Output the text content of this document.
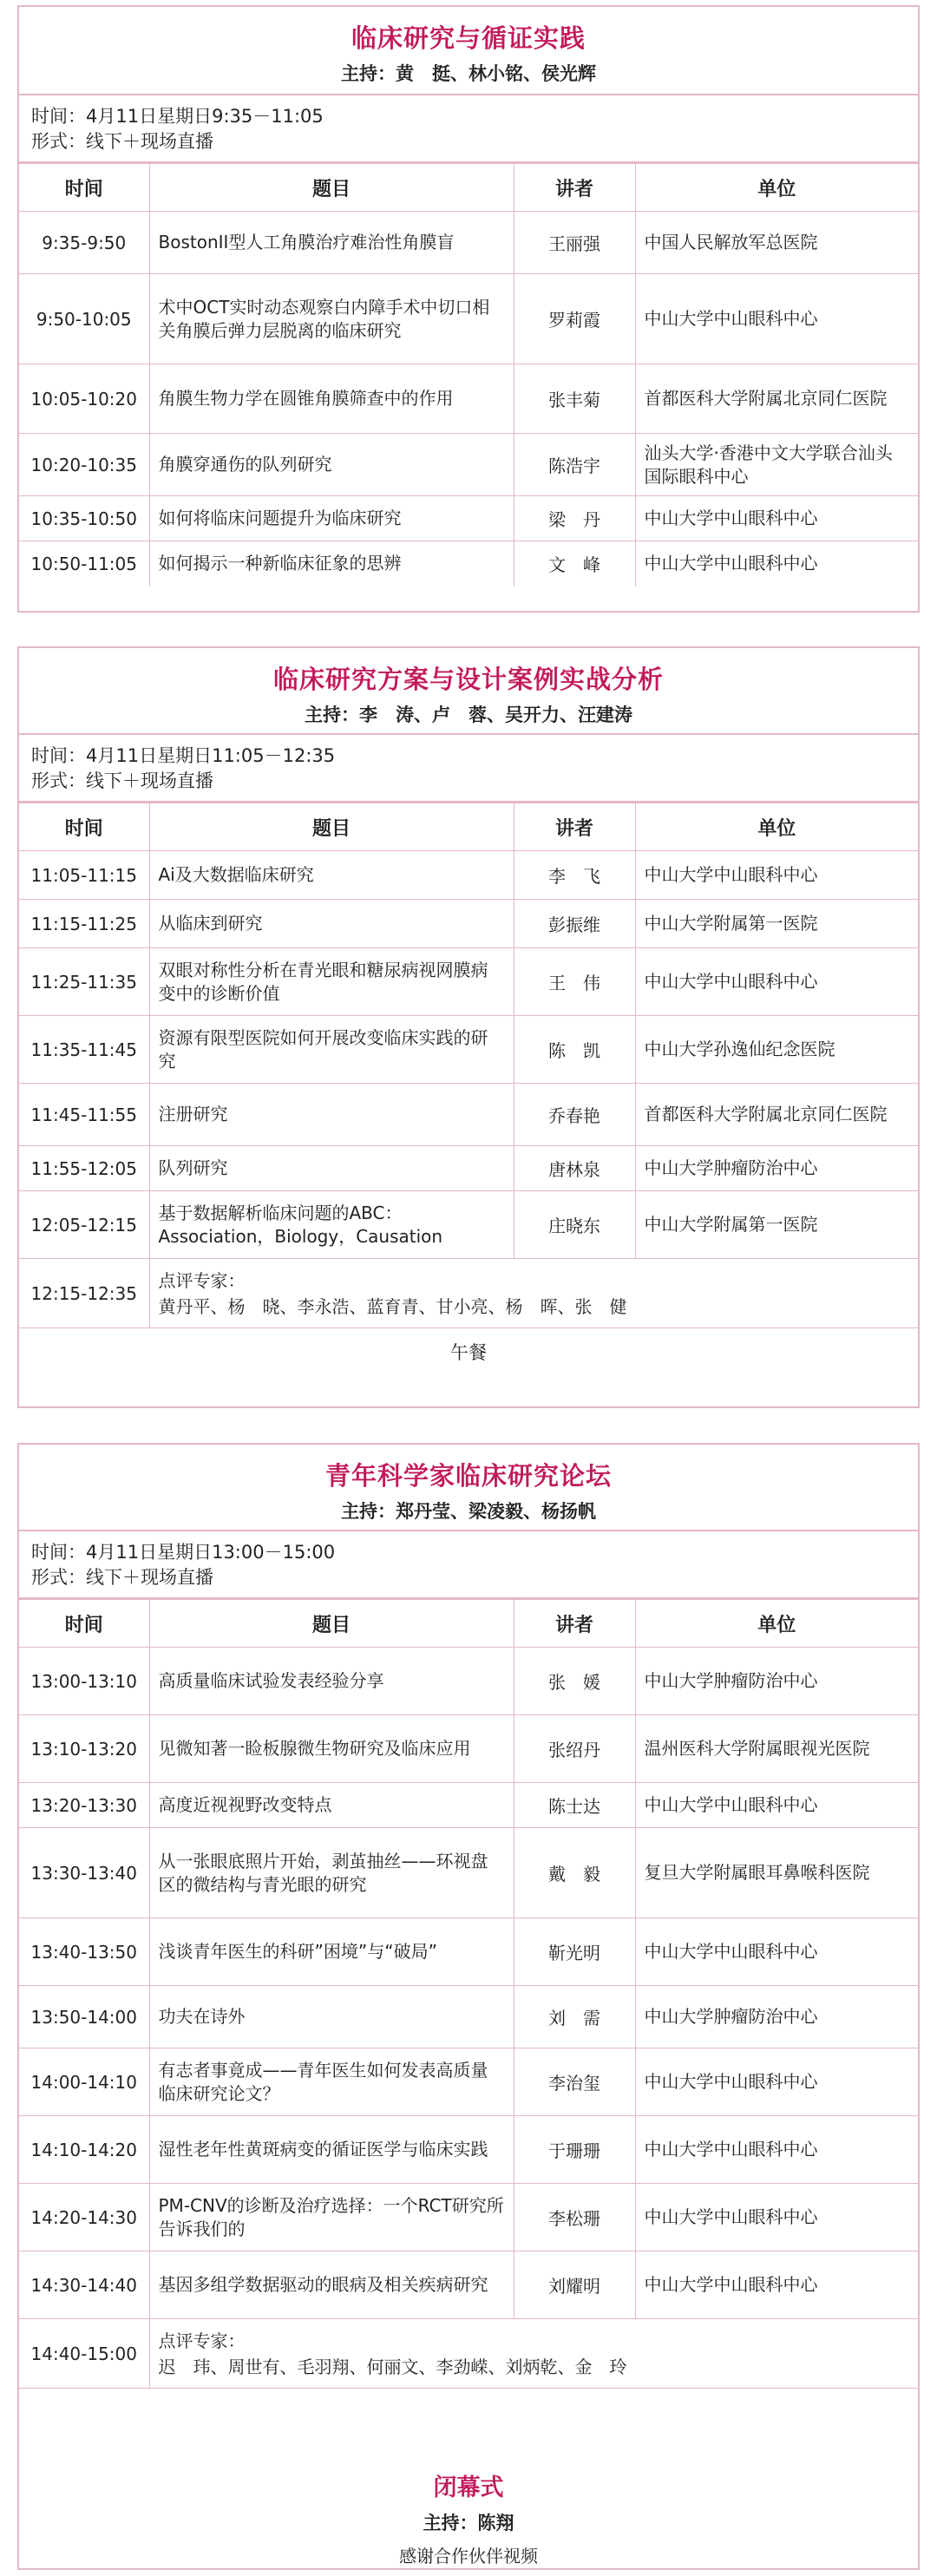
临床研究与循证实践
主持：黄　挺、林小铭、侯光辉
时间：4月11日星期日9:35－11:05
形式：线下＋现场直播
时间	题目	讲者	单位
9:35-9:50	BostonII型人工角膜治疗难治性角膜盲	王丽强	中国人民解放军总医院
9:50-10:05	术中OCT实时动态观察白内障手术中切口相关角膜后弹力层脱离的临床研究	罗莉霞	中山大学中山眼科中心
10:05-10:20	角膜生物力学在圆锥角膜筛查中的作用	张丰菊	首都医科大学附属北京同仁医院
10:20-10:35	角膜穿通伤的队列研究	陈浩宇	汕头大学·香港中文大学联合汕头国际眼科中心
10:35-10:50	如何将临床问题提升为临床研究	梁　丹	中山大学中山眼科中心
10:50-11:05	如何揭示一种新临床征象的思辨	文　峰	中山大学中山眼科中心
临床研究方案与设计案例实战分析
主持：李　涛、卢　蓉、吴开力、汪建涛
时间：4月11日星期日11:05－12:35
形式：线下＋现场直播
时间	题目	讲者	单位
11:05-11:15	Ai及大数据临床研究	李　飞	中山大学中山眼科中心
11:15-11:25	从临床到研究	彭振维	中山大学附属第一医院
11:25-11:35	双眼对称性分析在青光眼和糖尿病视网膜病变中的诊断价值	王　伟	中山大学中山眼科中心
11:35-11:45	资源有限型医院如何开展改变临床实践的研究	陈　凯	中山大学孙逸仙纪念医院
11:45-11:55	注册研究	乔春艳	首都医科大学附属北京同仁医院
11:55-12:05	队列研究	唐林泉	中山大学肿瘤防治中心
12:05-12:15	基于数据解析临床问题的ABC：Association，Biology，Causation	庄晓东	中山大学附属第一医院
12:15-12:35	点评专家：
黄丹平、杨　晓、李永浩、蓝育青、甘小亮、杨　晖、张　健		

午餐			
青年科学家临床研究论坛
主持：郑丹莹、梁凌毅、杨扬帆
时间：4月11日星期日13:00－15:00
形式：线下＋现场直播
时间	题目	讲者	单位
13:00-13:10	高质量临床试验发表经验分享	张　媛	中山大学肿瘤防治中心
13:10-13:20	见微知著一睑板腺微生物研究及临床应用	张绍丹	温州医科大学附属眼视光医院
13:20-13:30	高度近视视野改变特点	陈士达	中山大学中山眼科中心
13:30-13:40	从一张眼底照片开始，剥茧抽丝——环视盘区的微结构与青光眼的研究	戴　毅	复旦大学附属眼耳鼻喉科医院
13:40-13:50	浅谈青年医生的科研”困境”与“破局”	靳光明	中山大学中山眼科中心
13:50-14:00	功夫在诗外	刘　需	中山大学肿瘤防治中心
14:00-14:10	有志者事竟成——青年医生如何发表高质量临床研究论文？	李治玺	中山大学中山眼科中心
14:10-14:20	湿性老年性黄斑病变的循证医学与临床实践	于珊珊	中山大学中山眼科中心
14:20-14:30	PM-CNV的诊断及治疗选择：一个RCT研究所告诉我们的	李松珊	中山大学中山眼科中心
14:30-14:40	基因多组学数据驱动的眼病及相关疾病研究	刘耀明	中山大学中山眼科中心
14:40-15:00	点评专家：
迟　玮、周世有、毛羽翔、何丽文、李劲嵘、刘炳乾、金　玲		
闭幕式
主持：陈翔
感谢合作伙伴视频
